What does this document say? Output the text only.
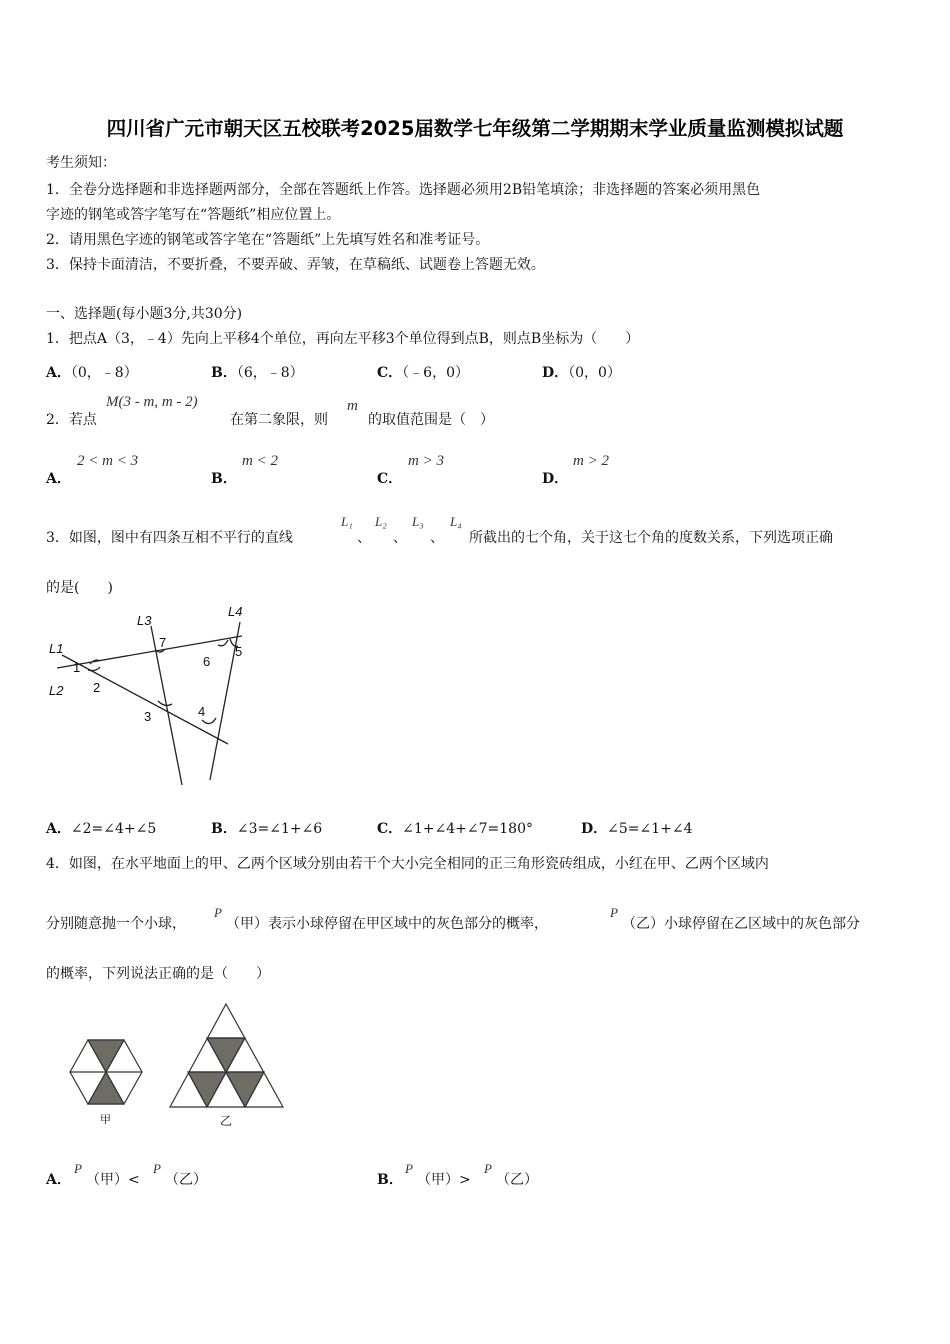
四川省广元市朝天区五校联考2025届数学七年级第二学期期末学业质量监测模拟试题
考生须知：
1．全卷分选择题和非选择题两部分，全部在答题纸上作答。选择题必须用2B铅笔填涂；非选择题的答案必须用黑色
字迹的钢笔或答字笔写在“答题纸”相应位置上。
2．请用黑色字迹的钢笔或答字笔在“答题纸”上先填写姓名和准考证号。
3．保持卡面清洁，不要折叠，不要弄破、弄皱，在草稿纸、试题卷上答题无效。
一、选择题(每小题3分,共30分)
1．把点A（3，﹣4）先向上平移4个单位，再向左平移3个单位得到点B，则点B坐标为（　　）
A．（0，﹣8）	B．（6，﹣8）	C．（﹣6，0）	D．（0，0）
2．若点
M(3 - m, m - 2)
在第二象限，则
m
的取值范围是（　）
A．
2 < m < 3
B．
m < 2
C．
m > 3
D．
m > 2
3．如图，图中有四条互相不平行的直线
L₁
、
L₂
、
L₃
、
L₄
所截出的七个角，关于这七个角的度数关系，下列选项正确
的是(　　)
L1
L2
L3
L4
1
2
3	4
5
6
7
A．∠2=∠4+∠5	B．∠3=∠1+∠6	C．∠1+∠4+∠7=180°	D．∠5=∠1+∠4
4．如图，在水平地面上的甲、乙两个区域分别由若干个大小完全相同的正三角形瓷砖组成，小红在甲、乙两个区域内
分别随意抛一个小球，
P
（甲）表示小球停留在甲区域中的灰色部分的概率，
P
（乙）小球停留在乙区域中的灰色部分
的概率，下列说法正确的是（　　）
甲	乙
A．
P
（甲）<
P
（乙）	B．
P
（甲）>
P
（乙）
